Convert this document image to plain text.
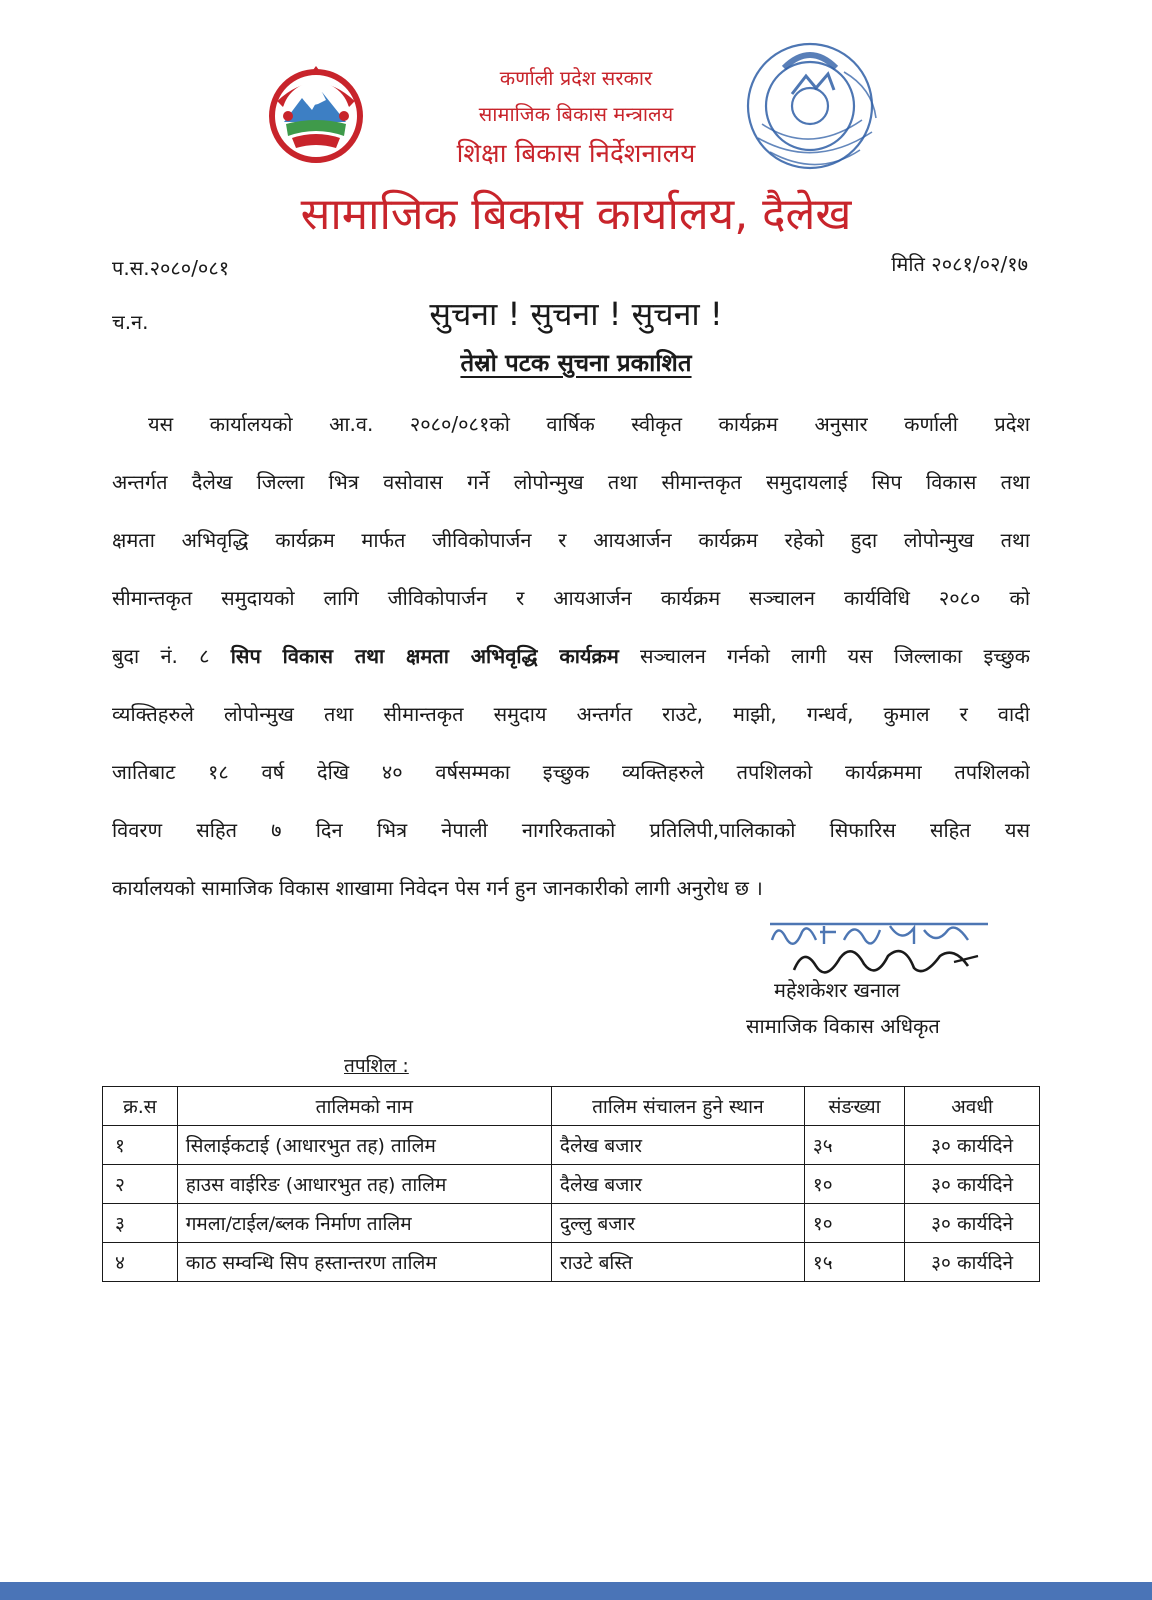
कर्णाली प्रदेश सरकार
सामाजिक बिकास मन्त्रालय
शिक्षा बिकास निर्देशनालय
सामाजिक बिकास कार्यालय, दैलेख
प.स.२०८०/०८१	मिति २०८१/०२/१७
च.न.	सुचना ! सुचना ! सुचना !
तेस्रो पटक सुचना प्रकाशित
यस कार्यालयको आ.व. २०८०/०८१को वार्षिक स्वीकृत कार्यक्रम अनुसार कर्णाली प्रदेश
अन्तर्गत दैलेख जिल्ला भित्र वसोवास गर्ने लोपोन्मुख तथा सीमान्तकृत समुदायलाई सिप विकास तथा
क्षमता अभिवृद्धि कार्यक्रम मार्फत जीविकोपार्जन र आयआर्जन कार्यक्रम रहेको हुदा लोपोन्मुख तथा
सीमान्तकृत समुदायको लागि जीविकोपार्जन र आयआर्जन कार्यक्रम सञ्चालन कार्यविधि २०८० को
बुदा नं. ८ सिप विकास तथा क्षमता अभिवृद्धि कार्यक्रम सञ्चालन गर्नको लागी यस जिल्लाका इच्छुक
व्यक्तिहरुले लोपोन्मुख तथा सीमान्तकृत समुदाय अन्तर्गत राउटे, माझी, गन्धर्व, कुमाल र वादी
जातिबाट १८ वर्ष देखि ४० वर्षसम्मका इच्छुक व्यक्तिहरुले तपशिलको कार्यक्रममा तपशिलको
विवरण सहित ७ दिन भित्र नेपाली नागरिकताको प्रतिलिपी,पालिकाको सिफारिस सहित यस
कार्यालयको सामाजिक विकास शाखामा निवेदन पेस गर्न हुन जानकारीको लागी अनुरोध छ ।
महेशकेशर खनाल
सामाजिक विकास अधिकृत
तपशिल :
क्र.स	तालिमको नाम	तालिम संचालन हुने स्थान	संङख्या	अवधी
१	सिलाईकटाई (आधारभुत तह) तालिम	दैलेख बजार	३५	३० कार्यदिने
२	हाउस वाईरिङ (आधारभुत तह) तालिम	दैलेख बजार	१०	३० कार्यदिने
३	गमला/टाईल/ब्लक निर्माण तालिम	दुल्लु बजार	१०	३० कार्यदिने
४	काठ सम्वन्धि सिप हस्तान्तरण तालिम	राउटे बस्ति	१५	३० कार्यदिने
